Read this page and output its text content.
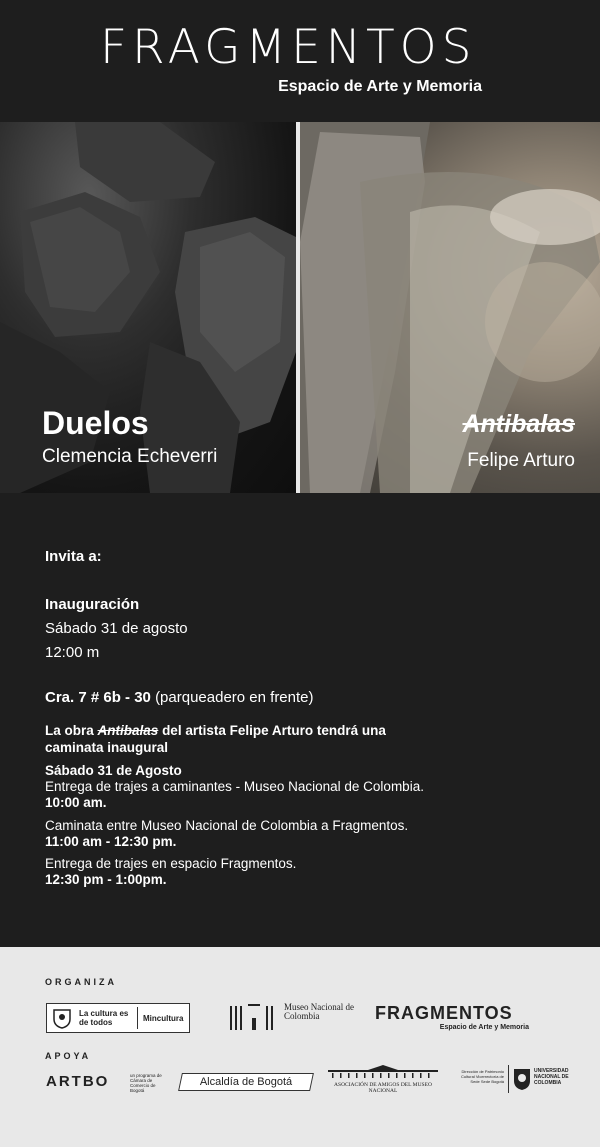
FRAGMENTOS
Espacio de Arte y Memoria
Duelos
Clemencia Echeverri
Antibalas
Felipe Arturo
Invita a:
Inauguración
Sábado 31 de agosto
12:00 m
Cra. 7 # 6b - 30 (parqueadero en frente)
La obra Antibalas del artista Felipe Arturo tendrá una
caminata inaugural
Sábado 31 de Agosto
Entrega de trajes a caminantes - Museo Nacional de Colombia.
10:00 am.
Caminata entre Museo Nacional de Colombia a Fragmentos.
11:00 am - 12:30 pm.
Entrega de trajes en espacio Fragmentos.
12:30 pm - 1:00pm.
ORGANIZA
La cultura es de todos	Mincultura
Museo Nacional de Colombia	FRAGMENTOS
Espacio de Arte y Memoria
APOYA
ARTBO	un programa de Cámara de Comercio de Bogotá
Alcaldía de Bogotá	ASOCIACIÓN DE AMIGOS DEL MUSEO NACIONAL
Dirección de Patrimonio Cultural Vicerrectoría de Sede Sede Bogotá
UNIVERSIDAD NACIONAL DE COLOMBIA
